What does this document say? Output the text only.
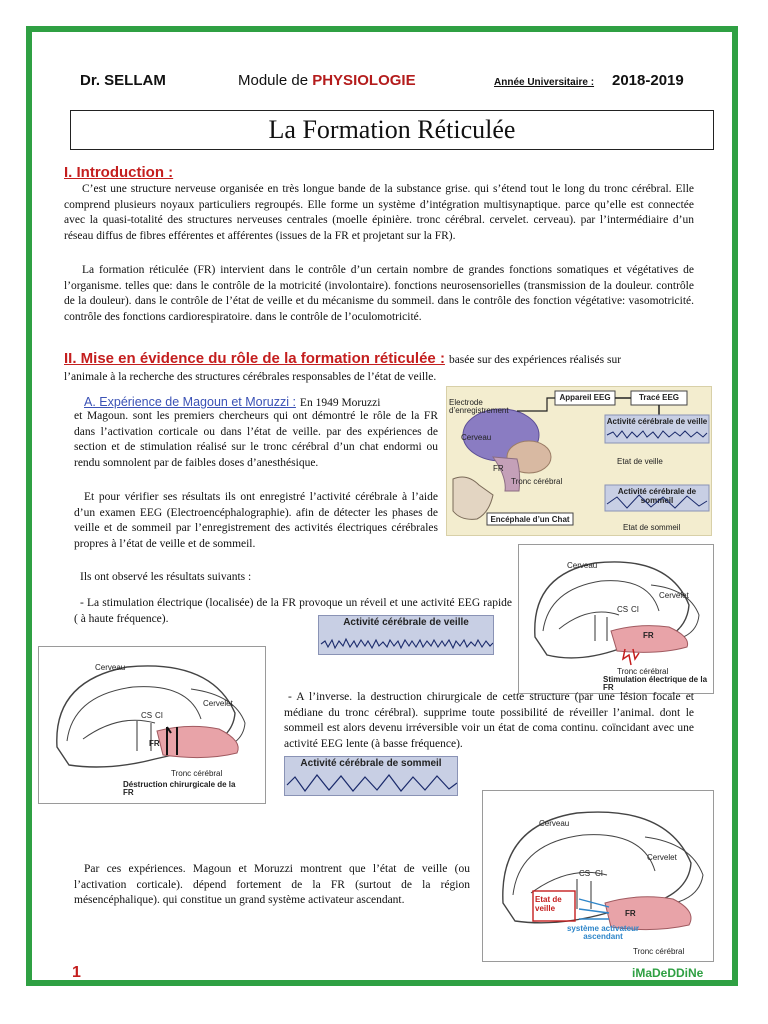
Dr. SELLAM	Module de PHYSIOLOGIE	Année Universitaire : 2018-2019
La Formation Réticulée
I. Introduction :
C’est une structure nerveuse organisée en très longue bande de la substance grise. qui s’étend tout le long du tronc cérébral. Elle comprend plusieurs noyaux particuliers regroupés. Elle forme un système d’intégration multisynaptique. parce qu’elle est connectée avec la quasi-totalité des structures nerveuses centrales (moelle épinière. tronc cérébral. cervelet. cerveau). par l’intermédiaire d’un réseau diffus de fibres efférentes et afférentes (issues de la FR et projetant sur la FR).
La formation réticulée (FR) intervient dans le contrôle d’un certain nombre de grandes fonctions somatiques et végétatives de l’organisme. telles que: dans le contrôle de la motricité (involontaire). fonctions neurosensorielles (transmission de la douleur. contrôle de la douleur). dans le contrôle de l’état de veille et du mécanisme du sommeil. dans le contrôle des fonction végétative: vasomotricité. contrôle des fonctions cardiorespiratoire. dans le contrôle de l’oculomotricité.
II. Mise en évidence du rôle de la formation réticulée : basée sur des expériences réalisés sur
l’animale à la recherche des structures cérébrales responsables de l’état de veille.
A. Expérience de Magoun et Moruzzi : En 1949 Moruzzi
et Magoun. sont les premiers chercheurs qui ont démontré le rôle de la FR dans l’activation corticale ou dans l’état de veille. par des expériences de section et de stimulation réalisé sur le tronc cérébral d’un chat endormi ou rendu somnolent par de faibles doses d’anesthésique.
Et pour vérifier ses résultats ils ont enregistré l’activité cérébrale à l’aide d’un examen EEG (Electroencéphalographie). afin de détecter les phases de veille et de sommeil par l’enregistrement des activités électriques cérébrales propres à l’état de veille et de sommeil.
Electrode d’enregistrement
Appareil EEG	Tracé EEG
Cerveau
FR
Tronc cérébral
Encéphale d’un Chat
Activité cérébrale de veille
Etat de veille
Activité cérébrale de sommeil
Etat de sommeil
Ils ont observé les résultats suivants :
- La stimulation électrique (localisée) de la FR provoque un réveil et une activité EEG rapide ( à haute fréquence).	Activité cérébrale de veille
Cerveau
Cervelet
CS CI
FR
Tronc cérébral
Stimulation électrique de la FR
Cerveau
Cervelet
CS CI
FR
Tronc cérébral
Déstruction chirurgicale de la FR
- A l’inverse. la destruction chirurgicale de cette structure (par une lésion focale et médiane du tronc cérébral). supprime toute possibilité de réveiller l’animal. dont le sommeil est alors devenu irréversible voir un état de coma continu. coïncidant avec une activité EEG lente (à basse fréquence).
Activité cérébrale de sommeil
Cerveau
Cervelet
CS CI
FR
Etat de veille
système activateur ascendant
Tronc cérébral
Par ces expériences. Magoun et Moruzzi montrent que l’état de veille (ou l’activation corticale). dépend fortement de la FR (surtout de la région mésencéphalique). qui constitue un grand système activateur ascendant.
1	iMaDeDDiNe
